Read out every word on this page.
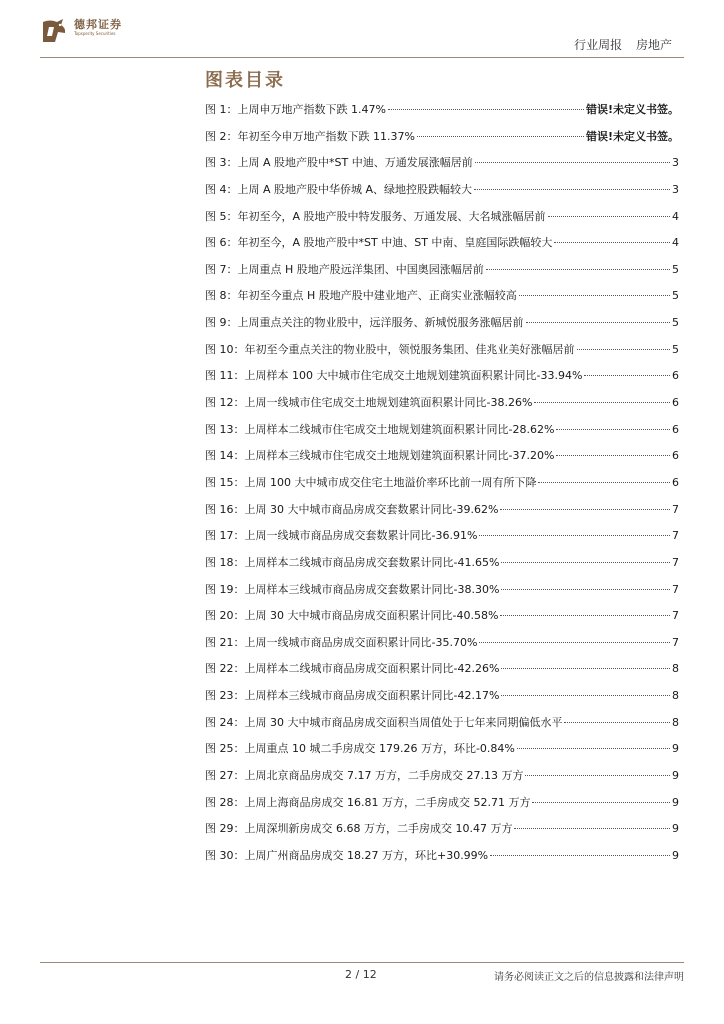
德邦证券
Topsperity Securities
行业周报 房地产
图表目录
图 1：上周申万地产指数下跌 1.47%	错误!未定义书签。
图 2：年初至今申万地产指数下跌 11.37%	错误!未定义书签。
图 3：上周 A 股地产股中*ST 中迪、万通发展涨幅居前	3
图 4：上周 A 股地产股中华侨城 A、绿地控股跌幅较大	3
图 5：年初至今，A 股地产股中特发服务、万通发展、大名城涨幅居前	4
图 6：年初至今，A 股地产股中*ST 中迪、ST 中南、皇庭国际跌幅较大	4
图 7：上周重点 H 股地产股远洋集团、中国奥园涨幅居前	5
图 8：年初至今重点 H 股地产股中建业地产、正商实业涨幅较高	5
图 9：上周重点关注的物业股中，远洋服务、新城悦服务涨幅居前	5
图 10：年初至今重点关注的物业股中，领悦服务集团、佳兆业美好涨幅居前	5
图 11：上周样本 100 大中城市住宅成交土地规划建筑面积累计同比-33.94%	6
图 12：上周一线城市住宅成交土地规划建筑面积累计同比-38.26%	6
图 13：上周样本二线城市住宅成交土地规划建筑面积累计同比-28.62%	6
图 14：上周样本三线城市住宅成交土地规划建筑面积累计同比-37.20%	6
图 15：上周 100 大中城市成交住宅土地溢价率环比前一周有所下降	6
图 16：上周 30 大中城市商品房成交套数累计同比-39.62%	7
图 17：上周一线城市商品房成交套数累计同比-36.91%	7
图 18：上周样本二线城市商品房成交套数累计同比-41.65%	7
图 19：上周样本三线城市商品房成交套数累计同比-38.30%	7
图 20：上周 30 大中城市商品房成交面积累计同比-40.58%	7
图 21：上周一线城市商品房成交面积累计同比-35.70%	7
图 22：上周样本二线城市商品房成交面积累计同比-42.26%	8
图 23：上周样本三线城市商品房成交面积累计同比-42.17%	8
图 24：上周 30 大中城市商品房成交面积当周值处于七年来同期偏低水平	8
图 25：上周重点 10 城二手房成交 179.26 万方，环比-0.84%	9
图 27：上周北京商品房成交 7.17 万方，二手房成交 27.13 万方	9
图 28：上周上海商品房成交 16.81 万方，二手房成交 52.71 万方	9
图 29：上周深圳新房成交 6.68 万方，二手房成交 10.47 万方	9
图 30：上周广州商品房成交 18.27 万方，环比+30.99%	9
2 / 12	请务必阅读正文之后的信息披露和法律声明
